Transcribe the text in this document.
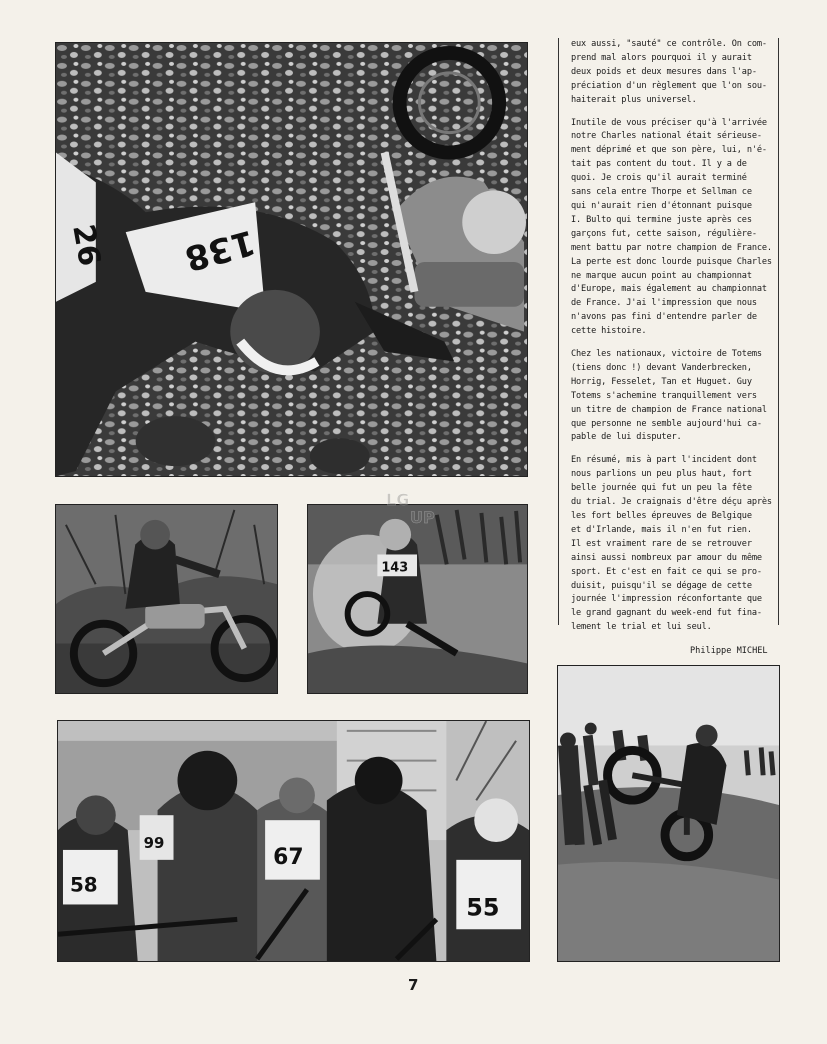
26 138
143
58
99
67
55

eux aussi, "sauté" ce contrôle. On com-
prend mal alors pourquoi il y aurait
deux poids et deux mesures dans l'ap-
préciation d'un règlement que l'on sou-
haiterait plus universel.

Inutile de vous préciser qu'à l'arrivée
notre Charles national était sérieuse-
ment déprimé et que son père, lui, n'é-
tait pas content du tout. Il y a de
quoi. Je crois qu'il aurait terminé
sans cela entre Thorpe et Sellman ce
qui n'aurait rien d'étonnant puisque
I. Bulto qui termine juste après ces
garçons fut, cette saison, régulière-
ment battu par notre champion de France.
La perte est donc lourde puisque Charles
ne marque aucun point au championnat
d'Europe, mais également au championnat
de France. J'ai l'impression que nous
n'avons pas fini d'entendre parler de
cette histoire.

Chez les nationaux, victoire de Totems
(tiens donc !) devant Vanderbrecken,
Horrig, Fesselet, Tan et Huguet. Guy
Totems s'achemine tranquillement vers
un titre de champion de France national
que personne ne semble aujourd'hui ca-
pable de lui disputer.

En résumé, mis à part l'incident dont
nous parlions un peu plus haut, fort
belle journée qui fut un peu la fête
du trial. Je craignais d'être déçu après
les fort belles épreuves de Belgique
et d'Irlande, mais il n'en fut rien.
Il est vraiment rare de se retrouver
ainsi aussi nombreux par amour du même
sport. Et c'est en fait ce qui se pro-
duisit, puisqu'il se dégage de cette
journée l'impression réconfortante que
le grand gagnant du week-end fut fina-
lement le trial et lui seul.

Philippe MICHEL
LG
UP
7
